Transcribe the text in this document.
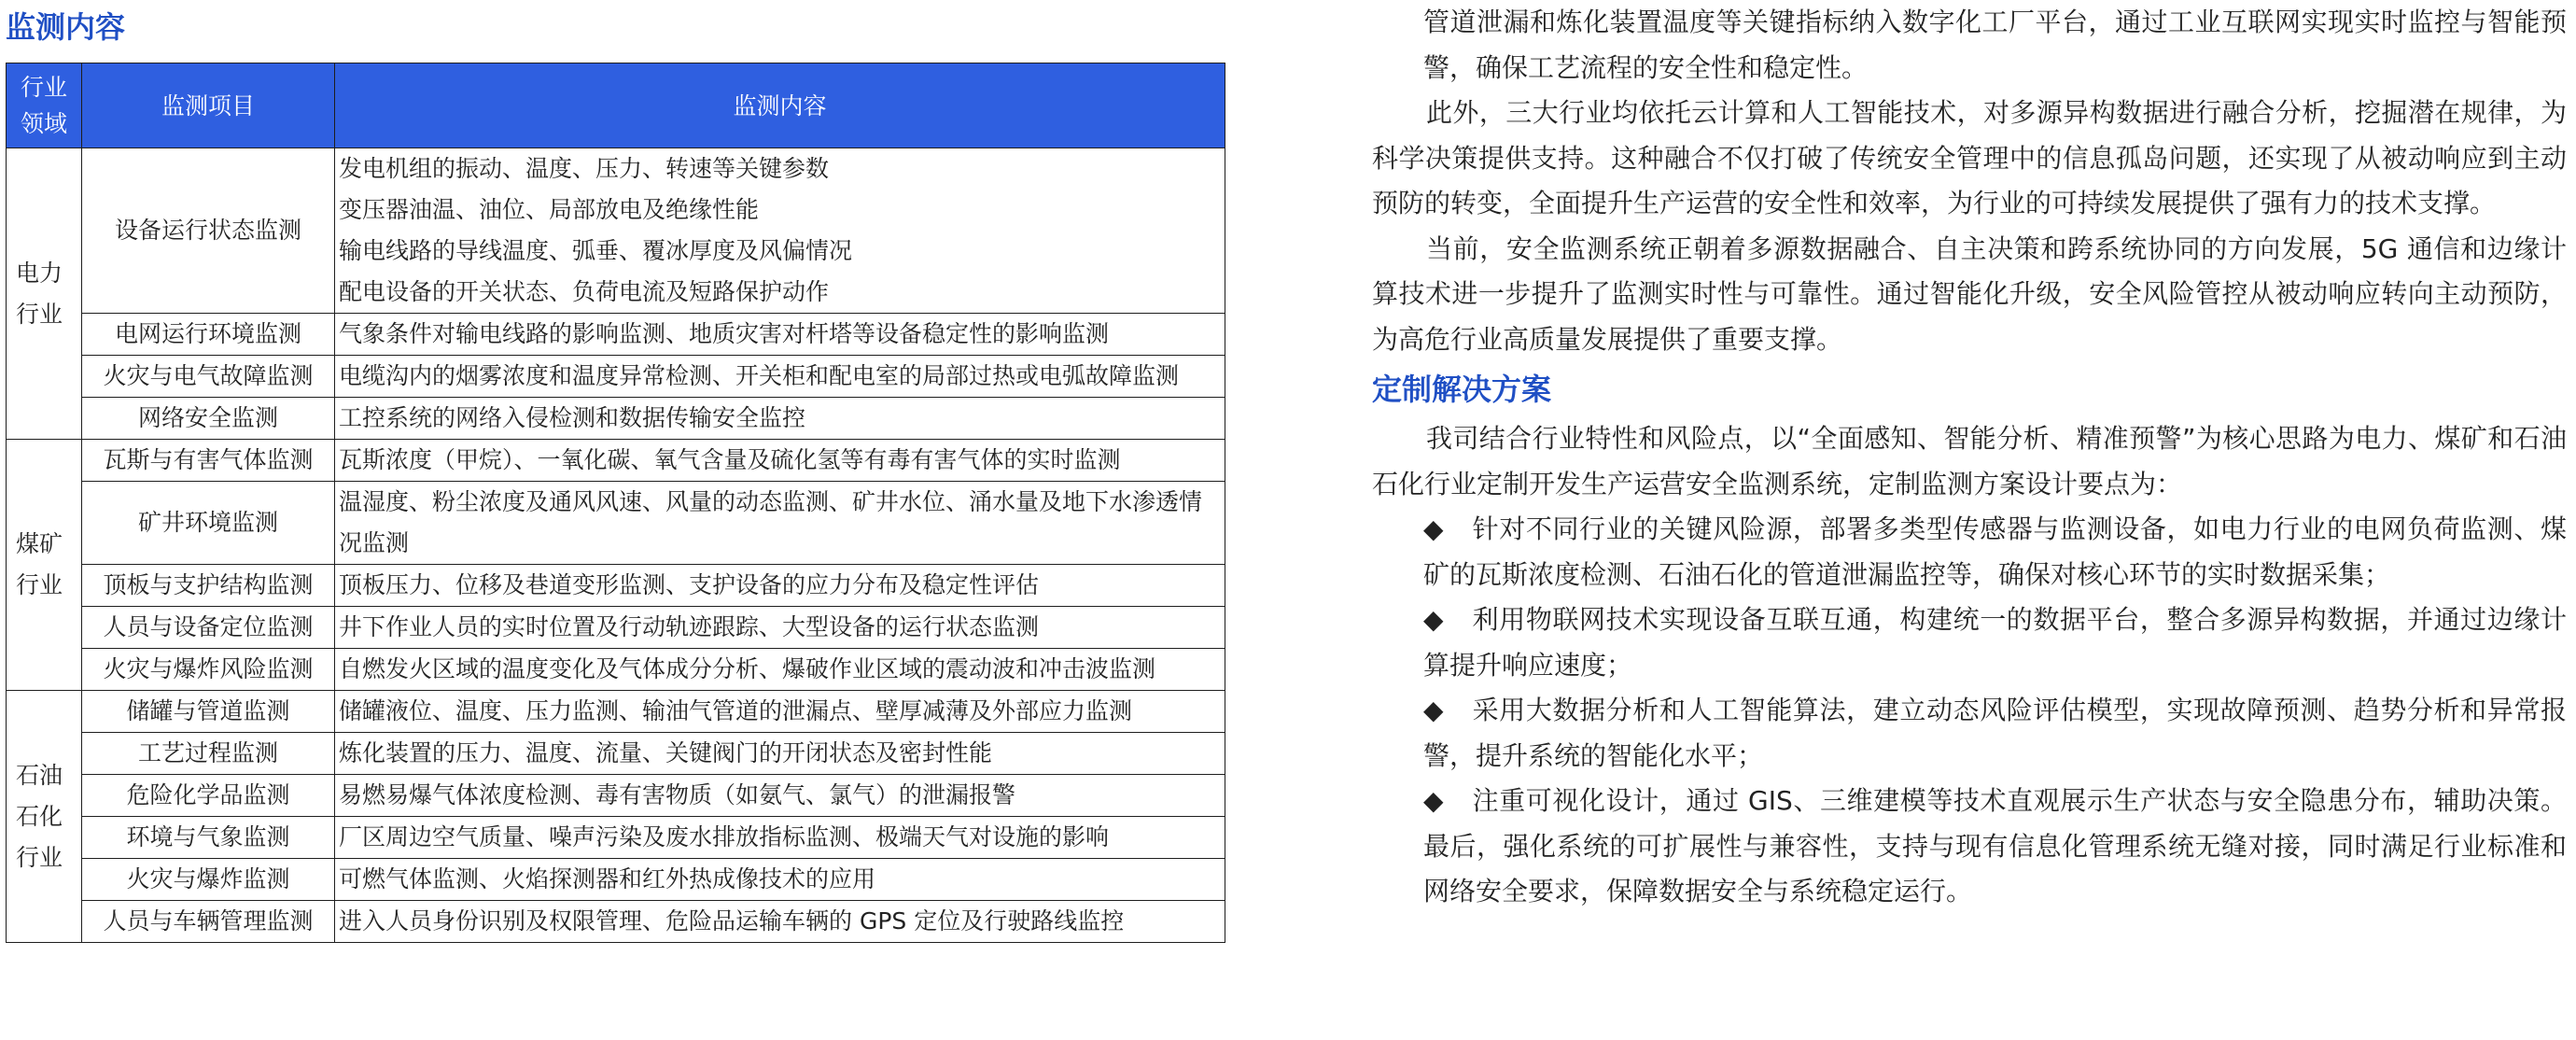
监测内容
行业
领域	监测项目	监测内容
电力
行业	设备运行状态监测	发电机组的振动、温度、压力、转速等关键参数
变压器油温、油位、局部放电及绝缘性能
输电线路的导线温度、弧垂、覆冰厚度及风偏情况
配电设备的开关状态、负荷电流及短路保护动作
	电网运行环境监测	气象条件对输电线路的影响监测、地质灾害对杆塔等设备稳定性的影响监测
	火灾与电气故障监测	电缆沟内的烟雾浓度和温度异常检测、开关柜和配电室的局部过热或电弧故障监测
	网络安全监测	工控系统的网络入侵检测和数据传输安全监控
煤矿
行业	瓦斯与有害气体监测	瓦斯浓度（甲烷）、一氧化碳、氧气含量及硫化氢等有毒有害气体的实时监测
	矿井环境监测	温湿度、粉尘浓度及通风风速、风量的动态监测、矿井水位、涌水量及地下水渗透情况监测
	顶板与支护结构监测	顶板压力、位移及巷道变形监测、支护设备的应力分布及稳定性评估
	人员与设备定位监测	井下作业人员的实时位置及行动轨迹跟踪、大型设备的运行状态监测
	火灾与爆炸风险监测	自燃发火区域的温度变化及气体成分分析、爆破作业区域的震动波和冲击波监测
石油
石化
行业	储罐与管道监测	储罐液位、温度、压力监测、输油气管道的泄漏点、壁厚减薄及外部应力监测
	工艺过程监测	炼化装置的压力、温度、流量、关键阀门的开闭状态及密封性能
	危险化学品监测	易燃易爆气体浓度检测、毒有害物质（如氨气、氯气）的泄漏报警
	环境与气象监测	厂区周边空气质量、噪声污染及废水排放指标监测、极端天气对设施的影响
	火灾与爆炸监测	可燃气体监测、火焰探测器和红外热成像技术的应用
	人员与车辆管理监测	进入人员身份识别及权限管理、危险品运输车辆的 GPS 定位及行驶路线监控

管道泄漏和炼化装置温度等关键指标纳入数字化工厂平台，通过工业互联网实现实时监控与智能预警，确保工艺流程的安全性和稳定性。

此外，三大行业均依托云计算和人工智能技术，对多源异构数据进行融合分析，挖掘潜在规律，为科学决策提供支持。这种融合不仅打破了传统安全管理中的信息孤岛问题，还实现了从被动响应到主动预防的转变，全面提升生产运营的安全性和效率，为行业的可持续发展提供了强有力的技术支撑。

当前，安全监测系统正朝着多源数据融合、自主决策和跨系统协同的方向发展，5G 通信和边缘计算技术进一步提升了监测实时性与可靠性。通过智能化升级，安全风险管控从被动响应转向主动预防，为高危行业高质量发展提供了重要支撑。

定制解决方案

我司结合行业特性和风险点，以“全面感知、智能分析、精准预警”为核心思路为电力、煤矿和石油石化行业定制开发生产运营安全监测系统，定制监测方案设计要点为：

◆ 针对不同行业的关键风险源，部署多类型传感器与监测设备，如电力行业的电网负荷监测、煤矿的瓦斯浓度检测、石油石化的管道泄漏监控等，确保对核心环节的实时数据采集；

◆ 利用物联网技术实现设备互联互通，构建统一的数据平台，整合多源异构数据，并通过边缘计算提升响应速度；

◆ 采用大数据分析和人工智能算法，建立动态风险评估模型，实现故障预测、趋势分析和异常报警，提升系统的智能化水平；

◆ 注重可视化设计，通过 GIS、三维建模等技术直观展示生产状态与安全隐患分布，辅助决策。最后，强化系统的可扩展性与兼容性，支持与现有信息化管理系统无缝对接，同时满足行业标准和网络安全要求，保障数据安全与系统稳定运行。
